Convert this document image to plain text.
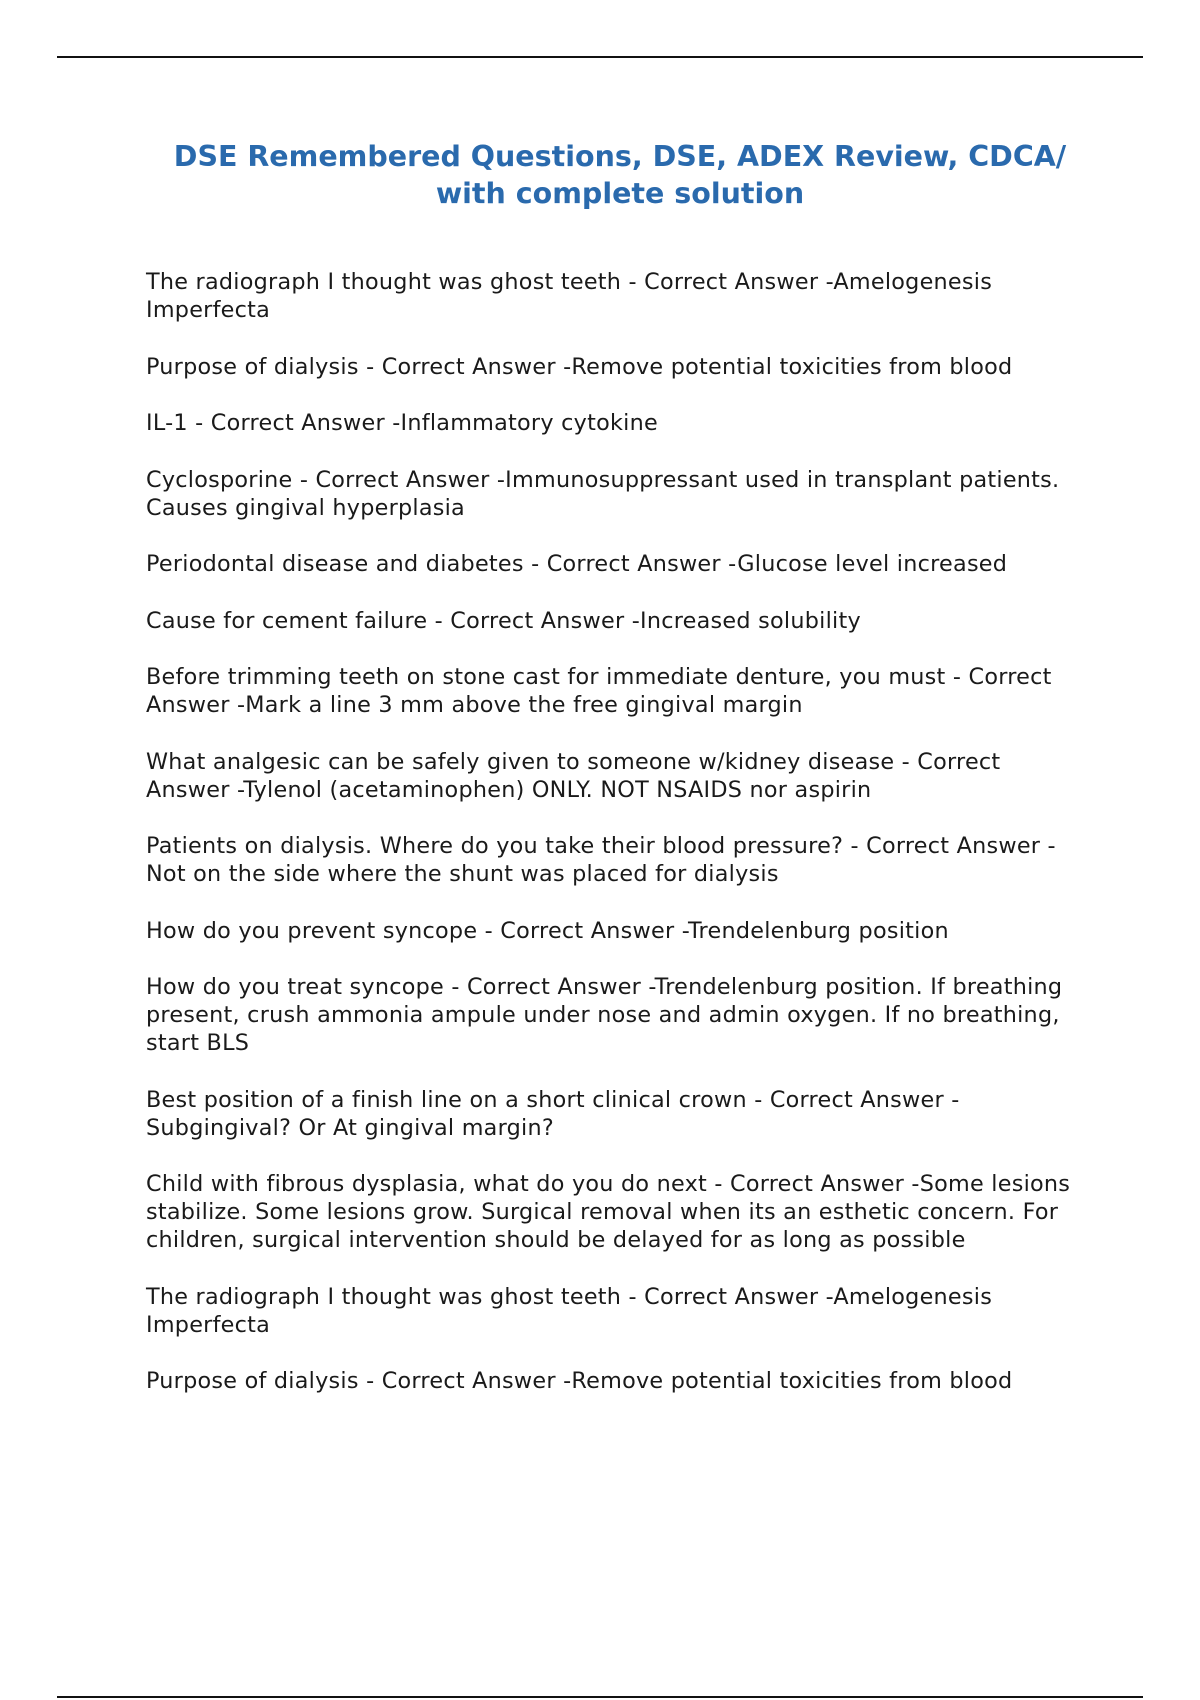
DSE Remembered Questions, DSE, ADEX Review, CDCA/ with complete solution
The radiograph I thought was ghost teeth - Correct Answer -Amelogenesis Imperfecta
Purpose of dialysis - Correct Answer -Remove potential toxicities from blood
IL-1 - Correct Answer -Inflammatory cytokine
Cyclosporine - Correct Answer -Immunosuppressant used in transplant patients. Causes gingival hyperplasia
Periodontal disease and diabetes - Correct Answer -Glucose level increased
Cause for cement failure - Correct Answer -Increased solubility
Before trimming teeth on stone cast for immediate denture, you must - Correct Answer -Mark a line 3 mm above the free gingival margin
What analgesic can be safely given to someone w/kidney disease - Correct Answer -Tylenol (acetaminophen) ONLY. NOT NSAIDS nor aspirin
Patients on dialysis. Where do you take their blood pressure? - Correct Answer -Not on the side where the shunt was placed for dialysis
How do you prevent syncope - Correct Answer -Trendelenburg position
How do you treat syncope - Correct Answer -Trendelenburg position. If breathing present, crush ammonia ampule under nose and admin oxygen. If no breathing, start BLS
Best position of a finish line on a short clinical crown - Correct Answer -Subgingival? Or At gingival margin?
Child with fibrous dysplasia, what do you do next - Correct Answer -Some lesions stabilize. Some lesions grow. Surgical removal when its an esthetic concern. For children, surgical intervention should be delayed for as long as possible
The radiograph I thought was ghost teeth - Correct Answer -Amelogenesis Imperfecta
Purpose of dialysis - Correct Answer -Remove potential toxicities from blood
